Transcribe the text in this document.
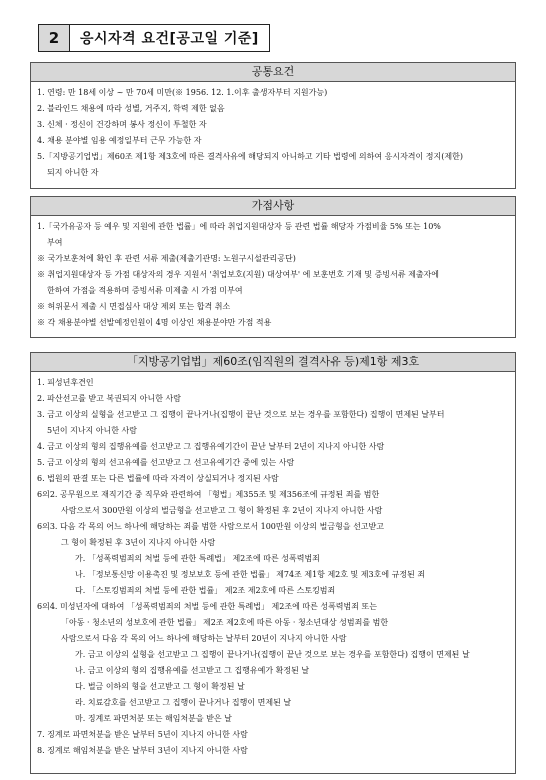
2	응시자격 요건[공고일 기준]
공통요건
1. 연령: 만 18세 이상 ~ 만 70세 미만(※ 1956. 12. 1.이후 출생자부터 지원가능)
2. 블라인드 채용에 따라 성별, 거주지, 학력 제한 없음
3. 신체 · 정신이 건강하며 봉사 정신이 투철한 자
4. 채용 분야별 임용 예정일부터 근무 가능한 자
5.「지방공기업법」제60조 제1항 제3호에 따른 결격사유에 해당되지 아니하고 기타 법령에 의하여 응시자격이 정지(제한)
되지 아니한 자
가점사항
1.「국가유공자 등 예우 및 지원에 관한 법률」에 따라 취업지원대상자 등 관련 법률 해당자 가점비율 5% 또는 10%
부여
※ 국가보훈처에 확인 후 관련 서류 제출(제출기관명: 노원구시설관리공단)
※ 취업지원대상자 등 가점 대상자의 경우 지원서 '취업보호(지원) 대상여부' 에 보훈번호 기재 및 증빙서류 제출자에
한하여 가점을 적용하며 증빙서류 미제출 시 가점 미부여
※ 허위문서 제출 시 면접심사 대상 제외 또는 합격 취소
※ 각 채용분야별 선발예정인원이 4명 이상인 채용분야만 가점 적용
「지방공기업법」제60조(임직원의 결격사유 등)제1항 제3호
1. 피성년후견인
2. 파산선고를 받고 복권되지 아니한 사람
3. 금고 이상의 실형을 선고받고 그 집행이 끝나거나(집행이 끝난 것으로 보는 경우를 포함한다) 집행이 면제된 날부터
5년이 지나지 아니한 사람
4. 금고 이상의 형의 집행유예를 선고받고 그 집행유예기간이 끝난 날부터 2년이 지나지 아니한 사람
5. 금고 이상의 형의 선고유예를 선고받고 그 선고유예기간 중에 있는 사람
6. 법원의 판결 또는 다른 법률에 따라 자격이 상실되거나 정지된 사람
6의2. 공무원으로 재직기간 중 직무와 관련하여 「형법」제355조 및 제356조에 규정된 죄를 범한
사람으로서 300만원 이상의 벌금형을 선고받고 그 형이 확정된 후 2년이 지나지 아니한 사람
6의3. 다음 각 목의 어느 하나에 해당하는 죄를 범한 사람으로서 100만원 이상의 벌금형을 선고받고
그 형이 확정된 후 3년이 지나지 아니한 사람
가. 「성폭력범죄의 처벌 등에 관한 특례법」 제2조에 따른 성폭력범죄
나. 「정보통신망 이용촉진 및 정보보호 등에 관한 법률」 제74조 제1항 제2호 및 제3호에 규정된 죄
다. 「스토킹범죄의 처벌 등에 관한 법률」 제2조 제2호에 따른 스토킹범죄
6의4. 미성년자에 대하여 「성폭력범죄의 처벌 등에 관한 특례법」 제2조에 따른 성폭력범죄 또는
「아동 · 청소년의 성보호에 관한 법률」 제2조 제2호에 따른 아동 · 청소년대상 성범죄를 범한
사람으로서 다음 각 목의 어느 하나에 해당하는 날부터 20년이 지나지 아니한 사람
가. 금고 이상의 실형을 선고받고 그 집행이 끝나거나(집행이 끝난 것으로 보는 경우를 포함한다) 집행이 면제된 날
나. 금고 이상의 형의 집행유예를 선고받고 그 집행유예가 확정된 날
다. 벌금 이하의 형을 선고받고 그 형이 확정된 날
라. 치료감호를 선고받고 그 집행이 끝나거나 집행이 면제된 날
마. 징계로 파면처분 또는 해임처분을 받은 날
7. 징계로 파면처분을 받은 날부터 5년이 지나지 아니한 사람
8. 징계로 해임처분을 받은 날부터 3년이 지나지 아니한 사람
